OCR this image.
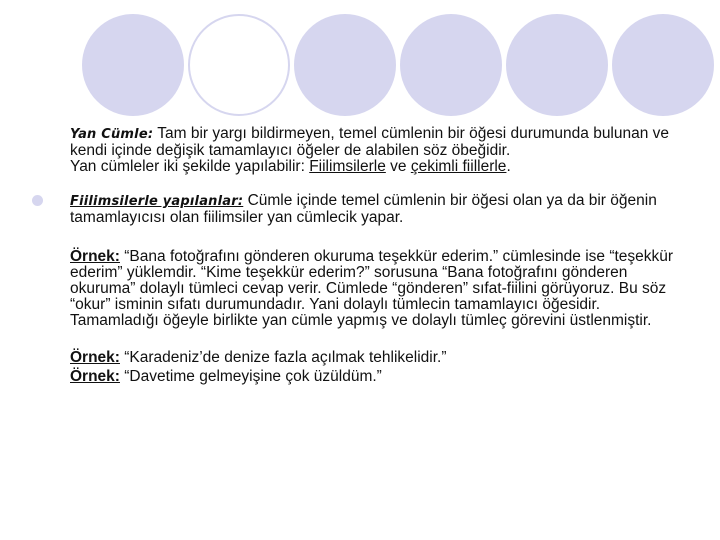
Yan Cümle: Tam bir yargı bildirmeyen, temel cümlenin bir öğesi durumunda bulunan ve kendi içinde değişik tamamlayıcı öğeler de alabilen söz öbeğidir.

Yan cümleler iki şekilde yapılabilir: Fiilimsilerle ve çekimli fiillerle.

Fiilimsilerle yapılanlar: Cümle içinde temel cümlenin bir öğesi olan ya da bir öğenin tamamlayıcısı olan fiilimsiler yan cümlecik yapar.

Örnek: “Bana fotoğrafını gönderen okuruma teşekkür ederim.” cümlesinde ise “teşekkür ederim” yüklemdir. “Kime teşekkür ederim?” sorusuna “Bana fotoğrafını gönderen okuruma” dolaylı tümleci cevap verir. Cümlede “gönderen” sıfat-fiilini görüyoruz. Bu söz “okur” isminin sıfatı durumundadır. Yani dolaylı tümlecin tamamlayıcı öğesidir. Tamamladığı öğeyle birlikte yan cümle yapmış ve dolaylı tümleç görevini üstlenmiştir.

Örnek: “Karadeniz’de denize fazla açılmak tehlikelidir.”

Örnek: “Davetime gelmeyişine çok üzüldüm.”
